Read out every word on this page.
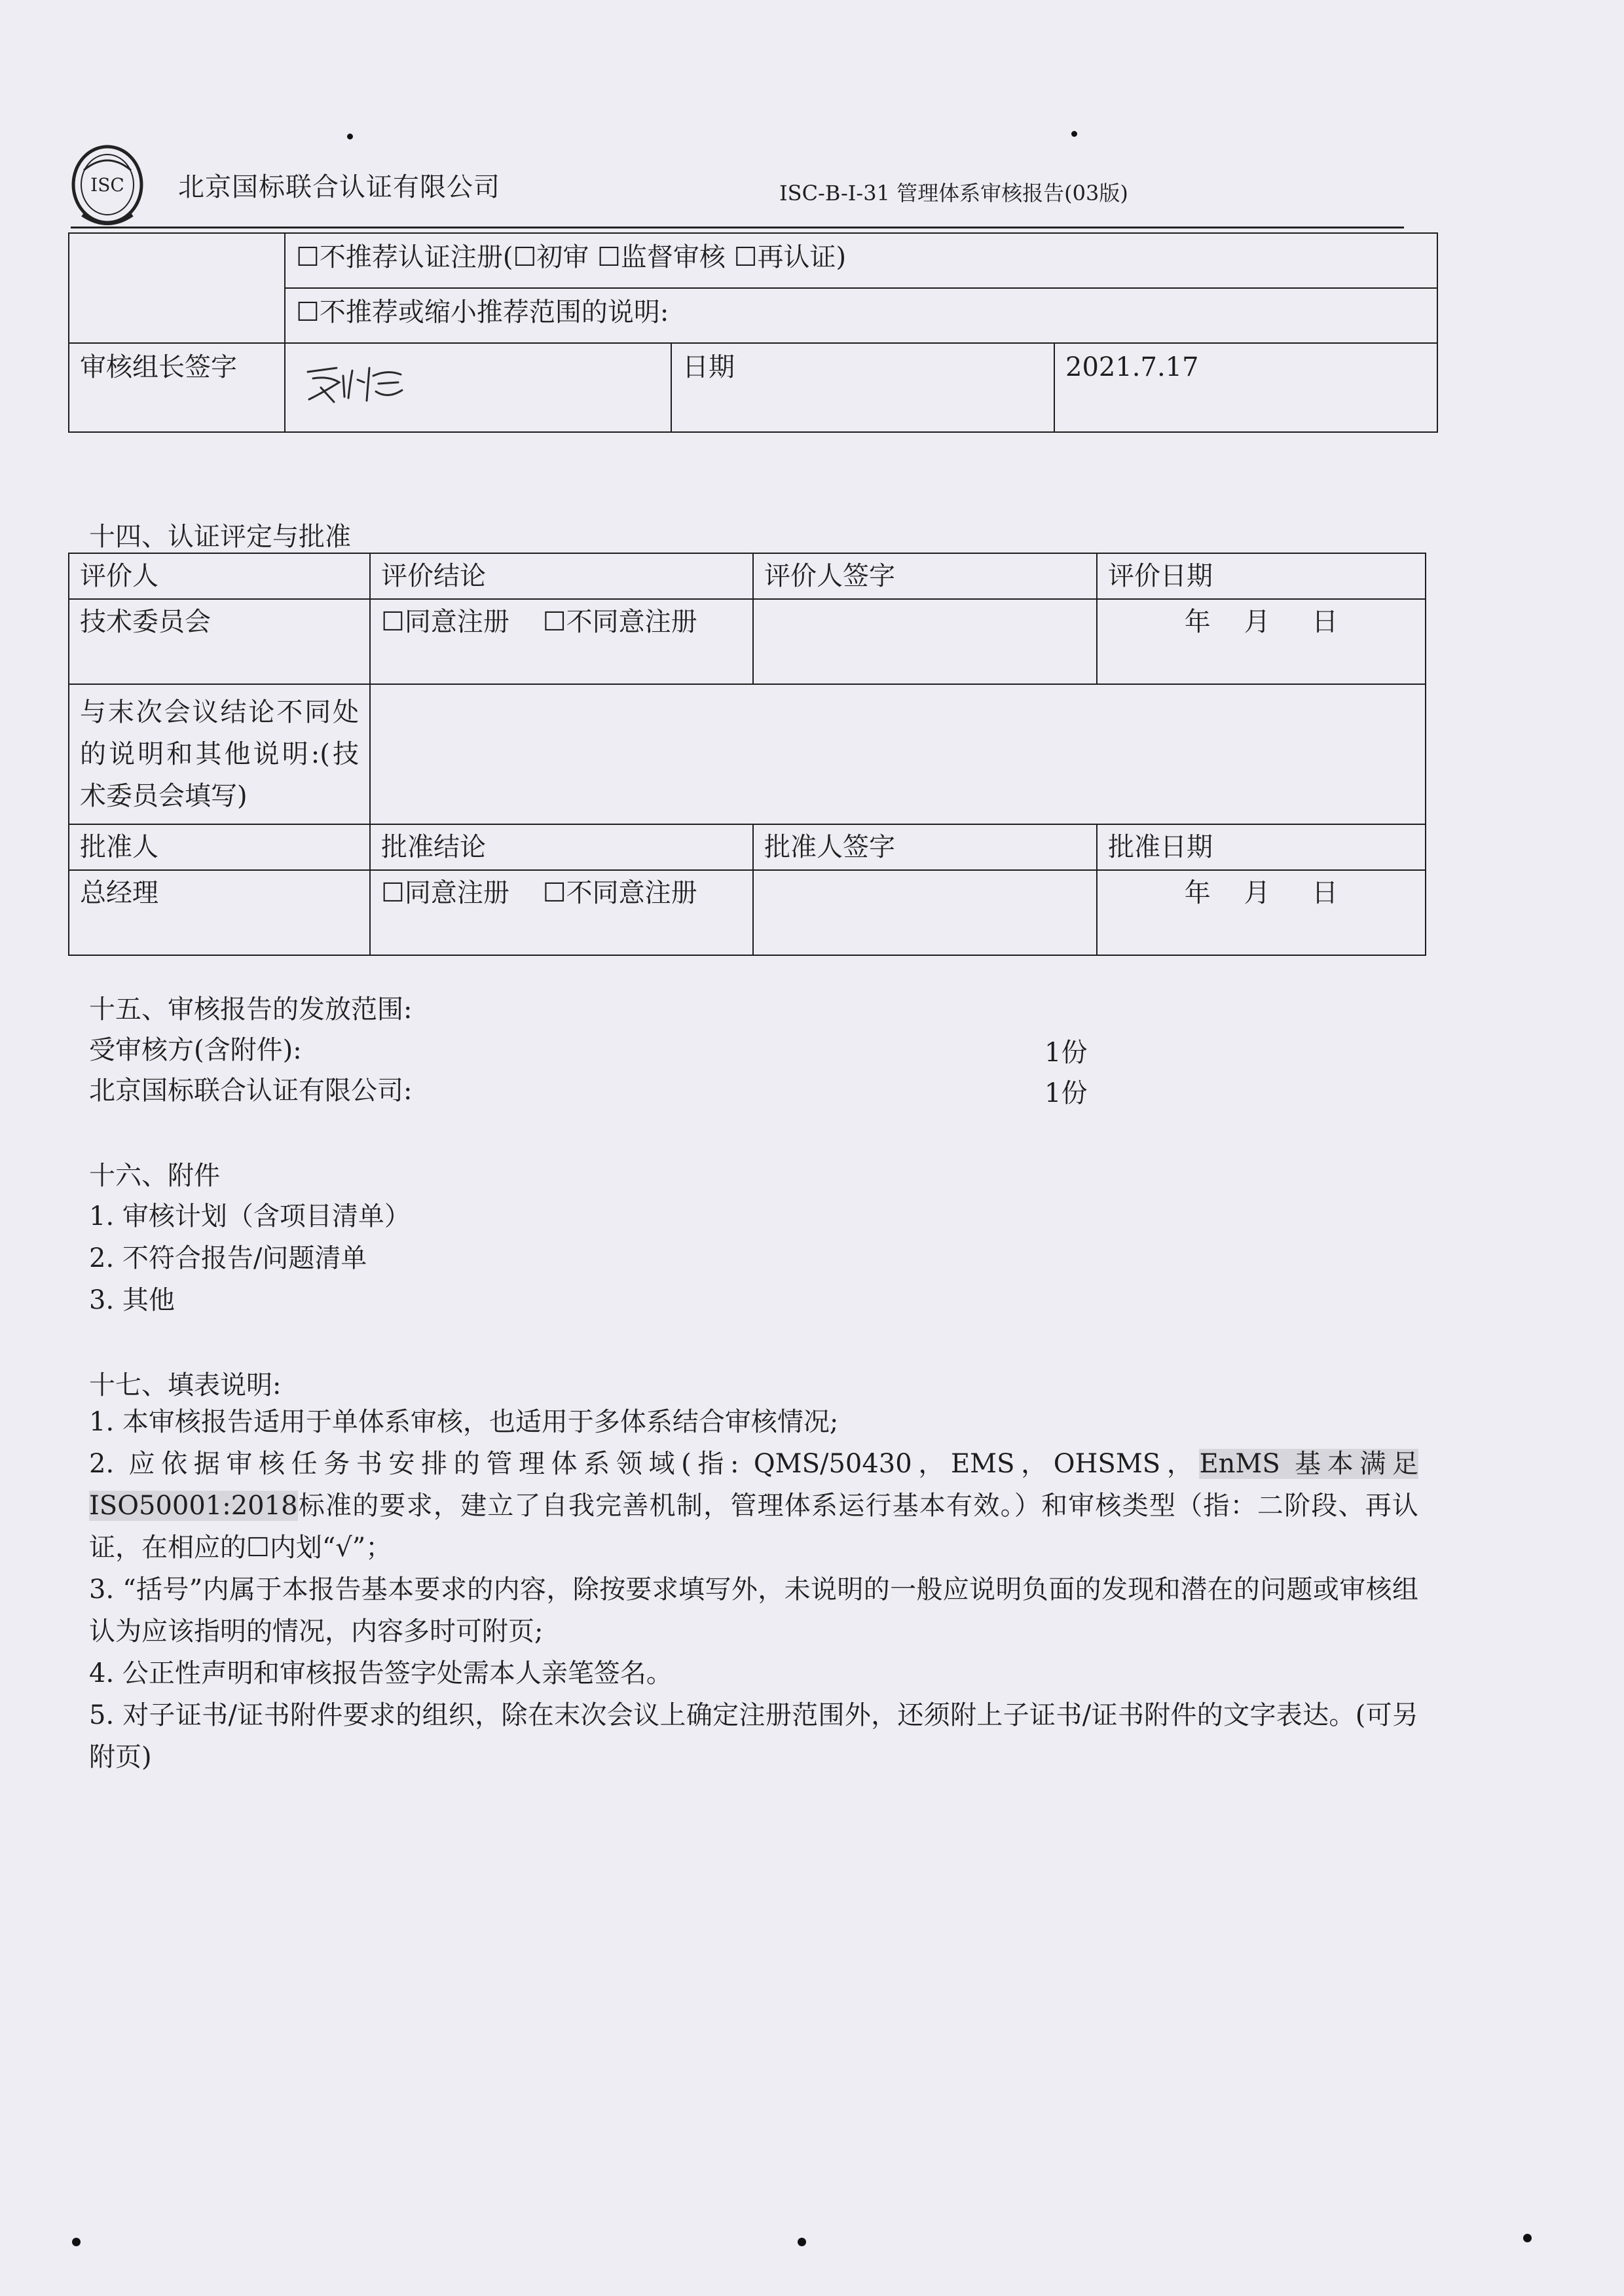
ISC 北京国标联合认证有限公司	ISC-B-I-31 管理体系审核报告(03版)
	☐不推荐认证注册(☐初审 ☐监督审核 ☐再认证)		
	☐不推荐或缩小推荐范围的说明:		
审核组长签字		日期	2021.7.17
十四、认证评定与批准
评价人	评价结论	评价人签字	评价日期
技术委员会	☐同意注册 ☐不同意注册		年    月     日
与末次会议结论不同处的说明和其他说明:(技术委员会填写)			
批准人	批准结论	批准人签字	批准日期
总经理	☐同意注册 ☐不同意注册		年    月     日
十五、审核报告的发放范围:
受审核方(含附件):	1份
北京国标联合认证有限公司:	1份
十六、附件
1. 审核计划（含项目清单）
2. 不符合报告/问题清单
3. 其他
十七、填表说明:

1. 本审核报告适用于单体系审核，也适用于多体系结合审核情况;

2. 应依据审核任务书安排的管理体系领域(指: QMS/50430，EMS，OHSMS，EnMS 基本满足 ISO50001:2018标准的要求，建立了自我完善机制，管理体系运行基本有效。）和审核类型（指：二阶段、再认证，在相应的☐内划“√”；

3. “括号”内属于本报告基本要求的内容，除按要求填写外，未说明的一般应说明负面的发现和潜在的问题或审核组认为应该指明的情况，内容多时可附页;

4. 公正性声明和审核报告签字处需本人亲笔签名。

5. 对子证书/证书附件要求的组织，除在末次会议上确定注册范围外，还须附上子证书/证书附件的文字表达。(可另附页)
